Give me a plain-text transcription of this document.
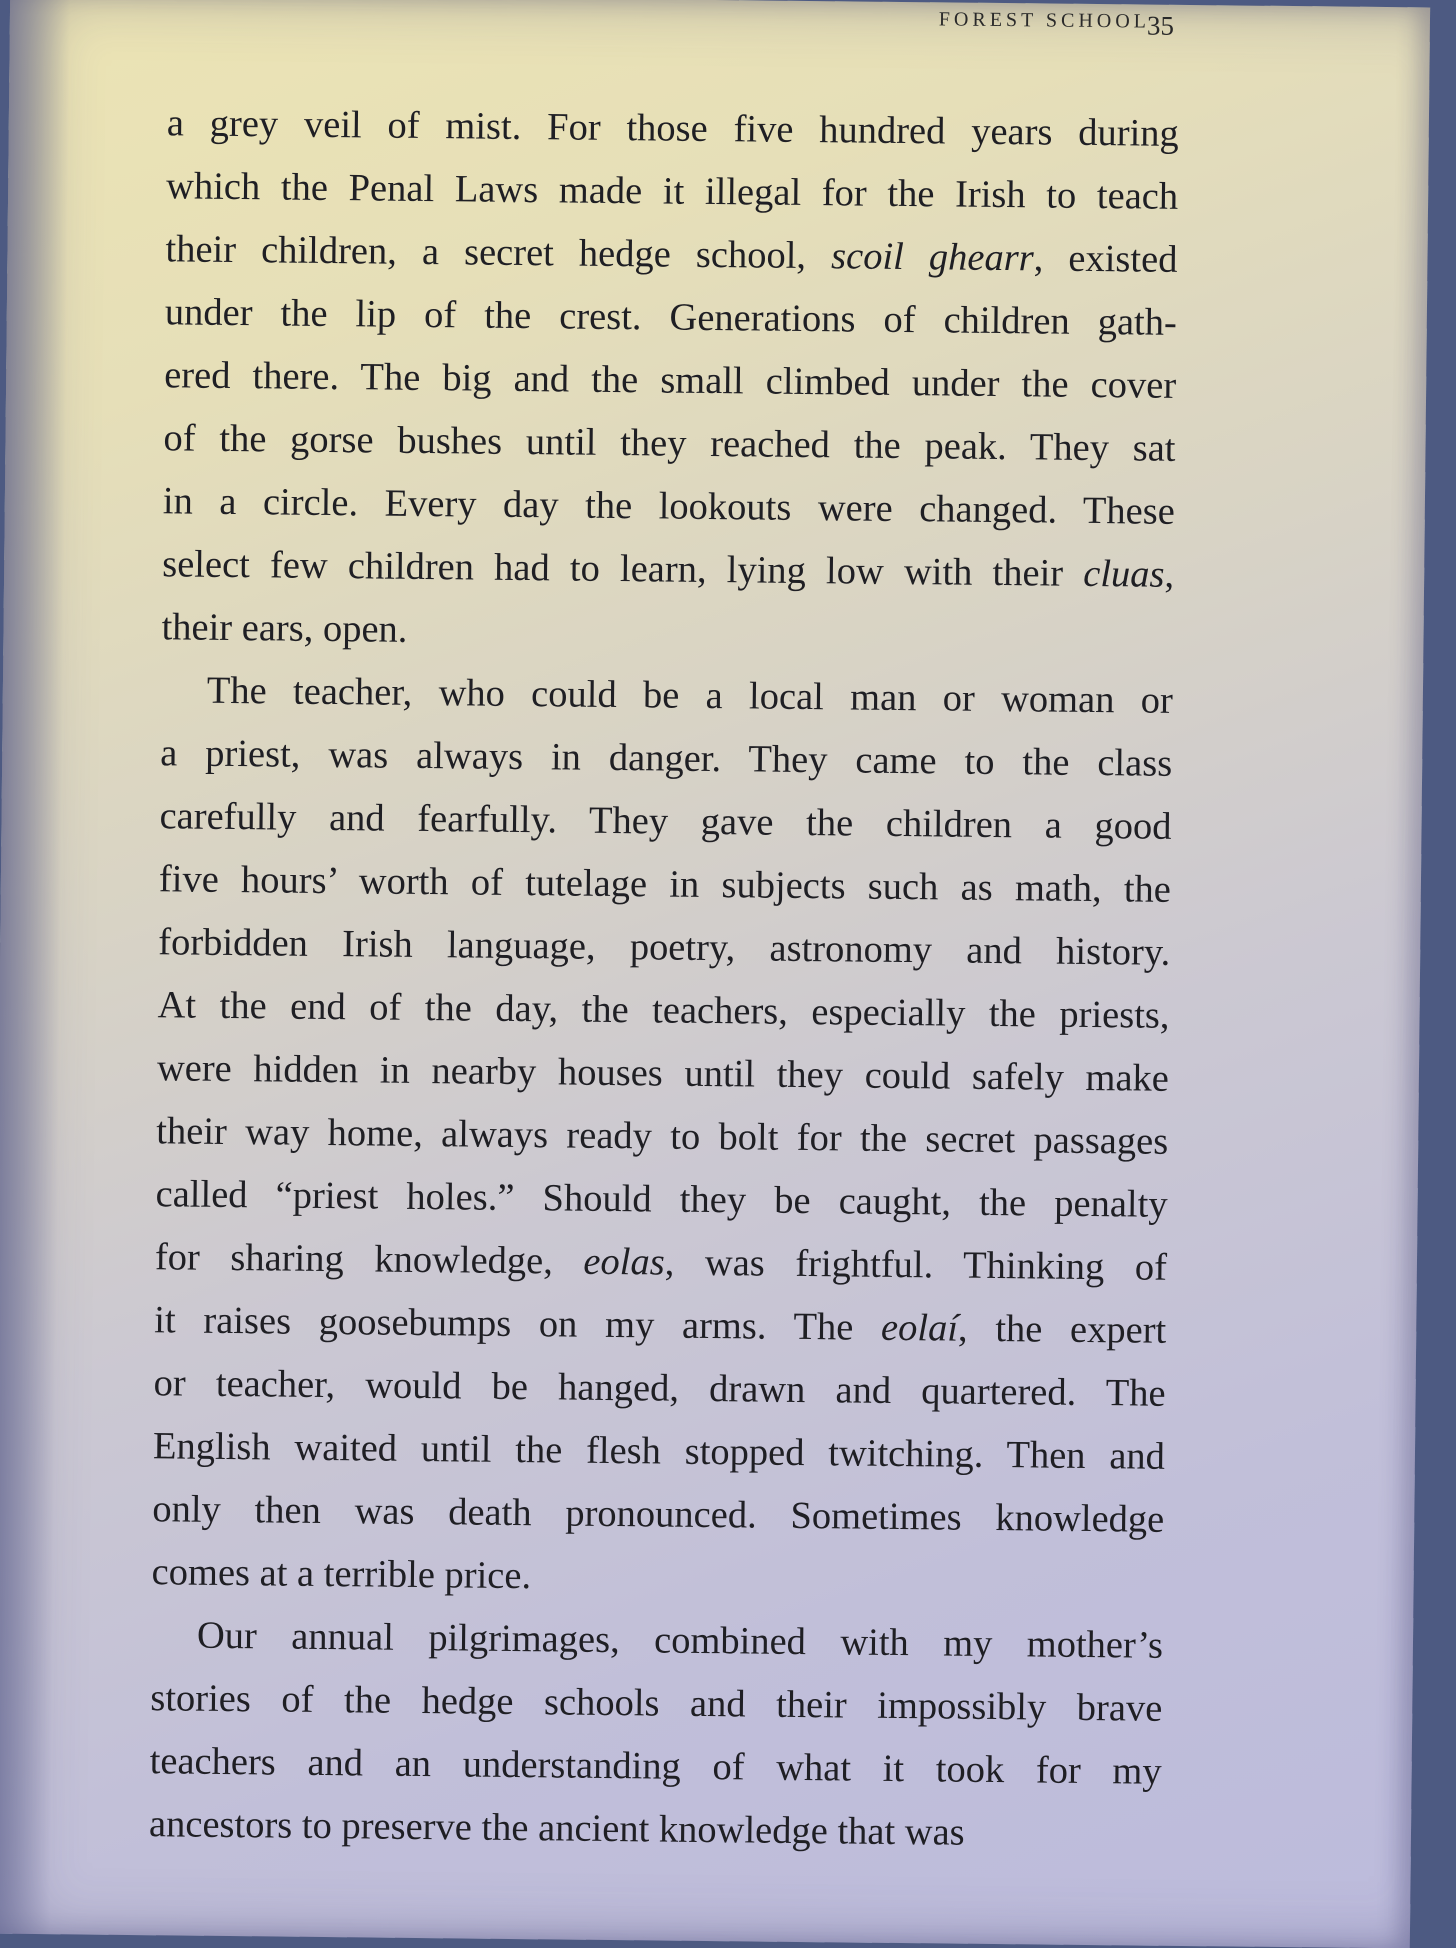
FOREST SCHOOL
35
a grey veil of mist. For those five hundred years during
which the Penal Laws made it illegal for the Irish to teach
their children, a secret hedge school, scoil ghearr, existed
under the lip of the crest. Generations of children gath-
ered there. The big and the small climbed under the cover
of the gorse bushes until they reached the peak. They sat
in a circle. Every day the lookouts were changed. These
select few children had to learn, lying low with their cluas,
their ears, open.
The teacher, who could be a local man or woman or
a priest, was always in danger. They came to the class
carefully and fearfully. They gave the children a good
five hours’ worth of tutelage in subjects such as math, the
forbidden Irish language, poetry, astronomy and history.
At the end of the day, the teachers, especially the priests,
were hidden in nearby houses until they could safely make
their way home, always ready to bolt for the secret passages
called “priest holes.” Should they be caught, the penalty
for sharing knowledge, eolas, was frightful. Thinking of
it raises goosebumps on my arms. The eolaí, the expert
or teacher, would be hanged, drawn and quartered. The
English waited until the flesh stopped twitching. Then and
only then was death pronounced. Sometimes knowledge
comes at a terrible price.
Our annual pilgrimages, combined with my mother’s
stories of the hedge schools and their impossibly brave
teachers and an understanding of what it took for my
ancestors to preserve the ancient knowledge that was
